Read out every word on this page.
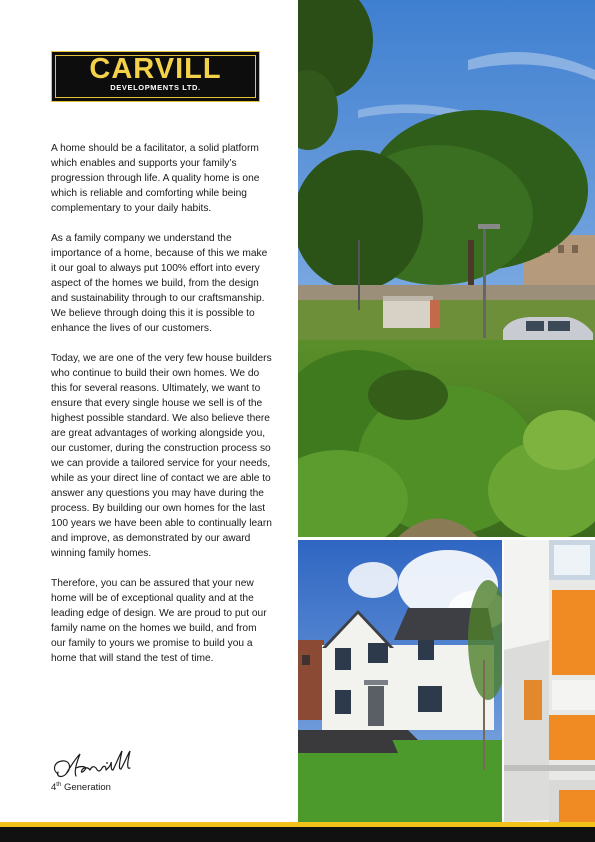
CARVILL
DEVELOPMENTS LTD.

A home should be a facilitator, a solid platform which enables and supports your family’s progression through life. A quality home is one which is reliable and comforting while being complementary to your daily habits.

As a family company we understand the importance of a home, because of this we make it our goal to always put 100% effort into every aspect of the homes we build, from the design and sustainability through to our craftsmanship. We believe through doing this it is possible to enhance the lives of our customers.

Today, we are one of the very few house builders who continue to build their own homes. We do this for several reasons. Ultimately, we want to ensure that every single house we sell is of the highest possible standard. We also believe there are great advantages of working alongside you, our customer, during the construction process so we can provide a tailored service for your needs, while as your direct line of contact we are able to answer any questions you may have during the process. By building our own homes for the last 100 years we have been able to continually learn and improve, as demonstrated by our award winning family homes.

Therefore, you can be assured that your new home will be of exceptional quality and at the leading edge of design. We are proud to put our family name on the homes we build, and from our family to yours we promise to build you a home that will stand the test of time.

4th Generation
